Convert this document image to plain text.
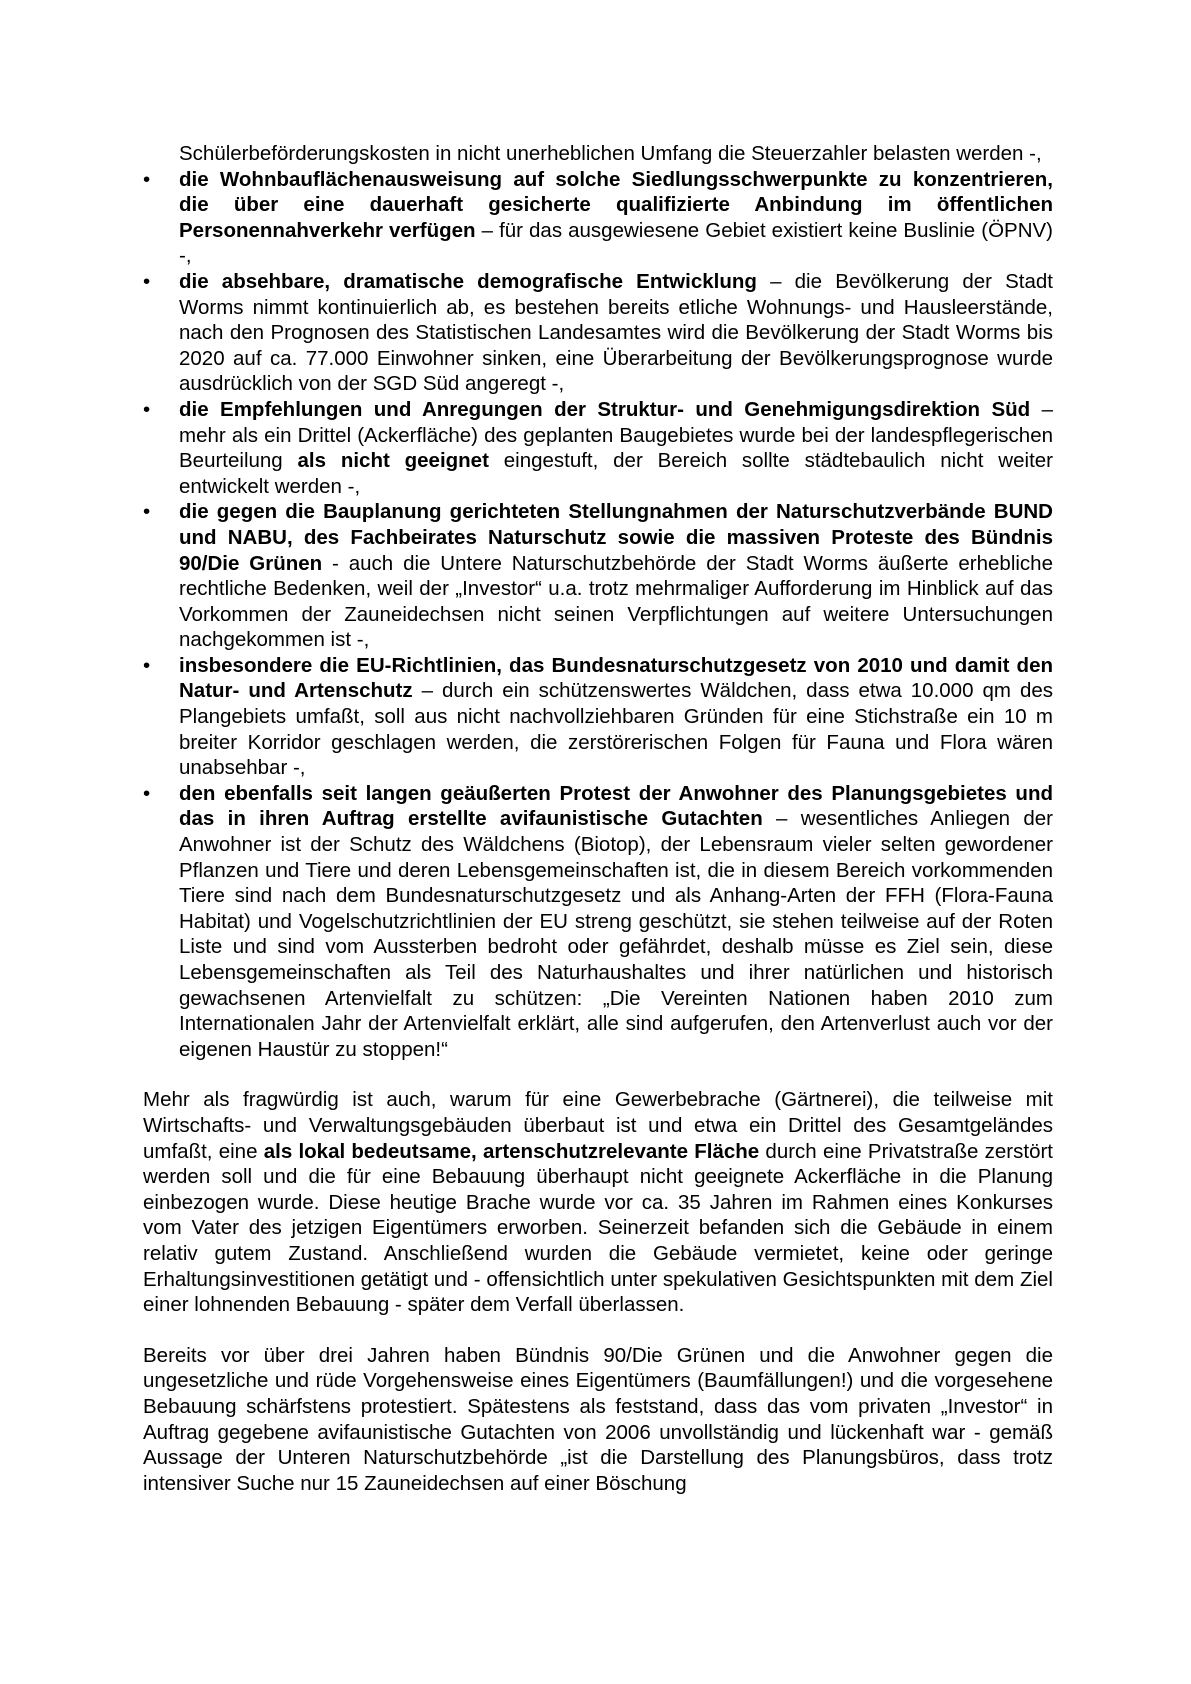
Schülerbeförderungskosten in nicht unerheblichen Umfang die Steuerzahler belasten werden -,

•	die Wohnbauflächenausweisung auf solche Siedlungsschwerpunkte zu konzentrieren, die über eine dauerhaft gesicherte qualifizierte Anbindung im öffentlichen Personennahverkehr verfügen – für das ausgewiesene Gebiet existiert keine Buslinie (ÖPNV) -,
•	die absehbare, dramatische demografische Entwicklung – die Bevölkerung der Stadt Worms nimmt kontinuierlich ab, es bestehen bereits etliche Wohnungs- und Hausleerstände, nach den Prognosen des Statistischen Landesamtes wird die Bevölkerung der Stadt Worms bis 2020 auf ca. 77.000 Einwohner sinken, eine Überarbeitung der Bevölkerungsprognose wurde ausdrücklich von der SGD Süd angeregt -,
•	die Empfehlungen und Anregungen der Struktur- und Genehmigungsdirektion Süd – mehr als ein Drittel (Ackerfläche) des geplanten Baugebietes wurde bei der landespflegerischen Beurteilung als nicht geeignet eingestuft, der Bereich sollte städtebaulich nicht weiter entwickelt werden -,
•	die gegen die Bauplanung gerichteten Stellungnahmen der Naturschutzverbände BUND und NABU, des Fachbeirates Naturschutz sowie die massiven Proteste des Bündnis 90/Die Grünen - auch die Untere Naturschutzbehörde der Stadt Worms äußerte erhebliche rechtliche Bedenken, weil der „Investor“ u.a. trotz mehrmaliger Aufforderung im Hinblick auf das Vorkommen der Zauneidechsen nicht seinen Verpflichtungen auf weitere Untersuchungen nachgekommen ist -,
•	insbesondere die EU-Richtlinien, das Bundesnaturschutzgesetz von 2010 und damit den Natur- und Artenschutz – durch ein schützenswertes Wäldchen, dass etwa 10.000 qm des Plangebiets umfaßt, soll aus nicht nachvollziehbaren Gründen für eine Stichstraße ein 10 m breiter Korridor geschlagen werden, die zerstörerischen Folgen für Fauna und Flora wären unabsehbar -,
•	den ebenfalls seit langen geäußerten Protest der Anwohner des Planungsgebietes und das in ihren Auftrag erstellte avifaunistische Gutachten – wesentliches Anliegen der Anwohner ist der Schutz des Wäldchens (Biotop), der Lebensraum vieler selten gewordener Pflanzen und Tiere und deren Lebensgemeinschaften ist, die in diesem Bereich vorkommenden Tiere sind nach dem Bundesnaturschutzgesetz und als Anhang-Arten der FFH (Flora-Fauna Habitat) und Vogelschutzrichtlinien der EU streng geschützt, sie stehen teilweise auf der Roten Liste und sind vom Aussterben bedroht oder gefährdet, deshalb müsse es Ziel sein, diese Lebensgemeinschaften als Teil des Naturhaushaltes und ihrer natürlichen und historisch gewachsenen Artenvielfalt zu schützen: „Die Vereinten Nationen haben 2010 zum Internationalen Jahr der Artenvielfalt erklärt, alle sind aufgerufen, den Artenverlust auch vor der eigenen Haustür zu stoppen!“

Mehr als fragwürdig ist auch, warum für eine Gewerbebrache (Gärtnerei), die teilweise mit Wirtschafts- und Verwaltungsgebäuden überbaut ist und etwa ein Drittel des Gesamtgeländes umfaßt, eine als lokal bedeutsame, artenschutzrelevante Fläche durch eine Privatstraße zerstört werden soll und die für eine Bebauung überhaupt nicht geeignete Ackerfläche in die Planung einbezogen wurde. Diese heutige Brache wurde vor ca. 35 Jahren im Rahmen eines Konkurses vom Vater des jetzigen Eigentümers erworben. Seinerzeit befanden sich die Gebäude in einem relativ gutem Zustand. Anschließend wurden die Gebäude vermietet, keine oder geringe Erhaltungsinvestitionen getätigt und - offensichtlich unter spekulativen Gesichtspunkten mit dem Ziel einer lohnenden Bebauung - später dem Verfall überlassen.

Bereits vor über drei Jahren haben Bündnis 90/Die Grünen und die Anwohner gegen die ungesetzliche und rüde Vorgehensweise eines Eigentümers (Baumfällungen!) und die vorgesehene Bebauung schärfstens protestiert. Spätestens als feststand, dass das vom privaten „Investor“ in Auftrag gegebene avifaunistische Gutachten von 2006 unvollständig und lückenhaft war - gemäß Aussage der Unteren Naturschutzbehörde „ist die Darstellung des Planungsbüros, dass trotz intensiver Suche nur 15 Zauneidechsen auf einer Böschung
